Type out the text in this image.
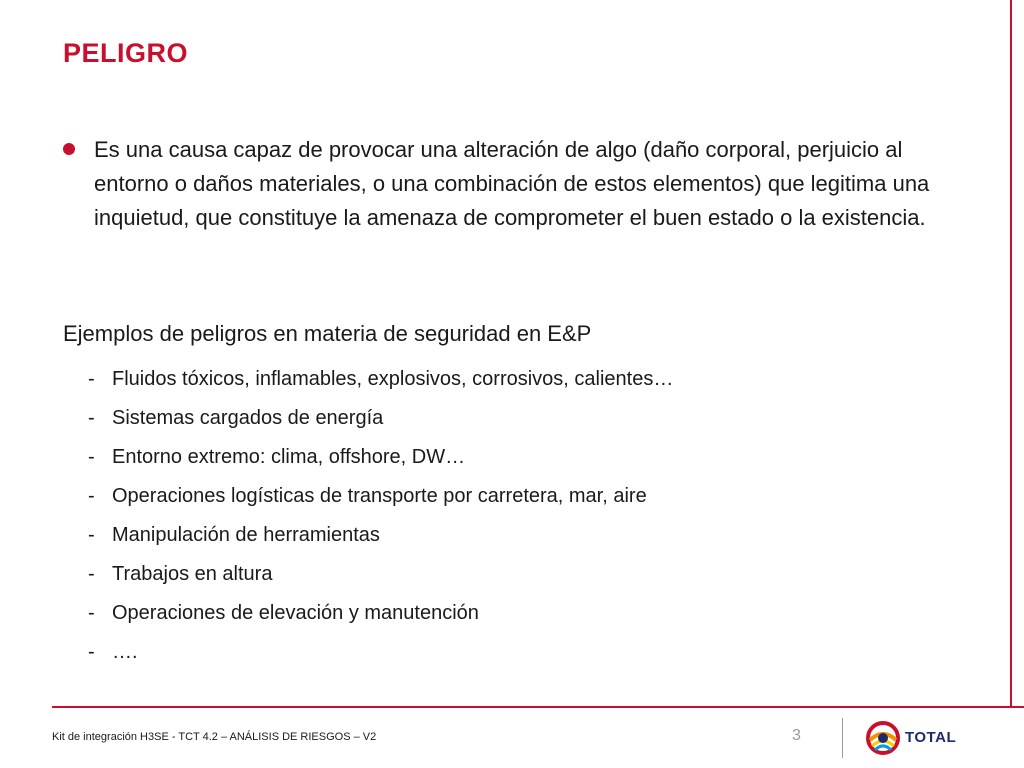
PELIGRO
Es una causa capaz de provocar una alteración de algo (daño corporal, perjuicio al entorno o daños materiales, o una combinación de estos elementos) que legitima una inquietud, que constituye la amenaza de comprometer el buen estado o la existencia.
Ejemplos de peligros en materia de seguridad en E&P
- Fluidos tóxicos, inflamables, explosivos, corrosivos, calientes…
- Sistemas cargados de energía
- Entorno extremo: clima, offshore, DW…
- Operaciones logísticas de transporte por carretera, mar, aire
- Manipulación de herramientas
- Trabajos en altura
- Operaciones de elevación y manutención
- ….
Kit de integración H3SE - TCT 4.2 – ANÁLISIS DE RIESGOS – V2	3	TOTAL
